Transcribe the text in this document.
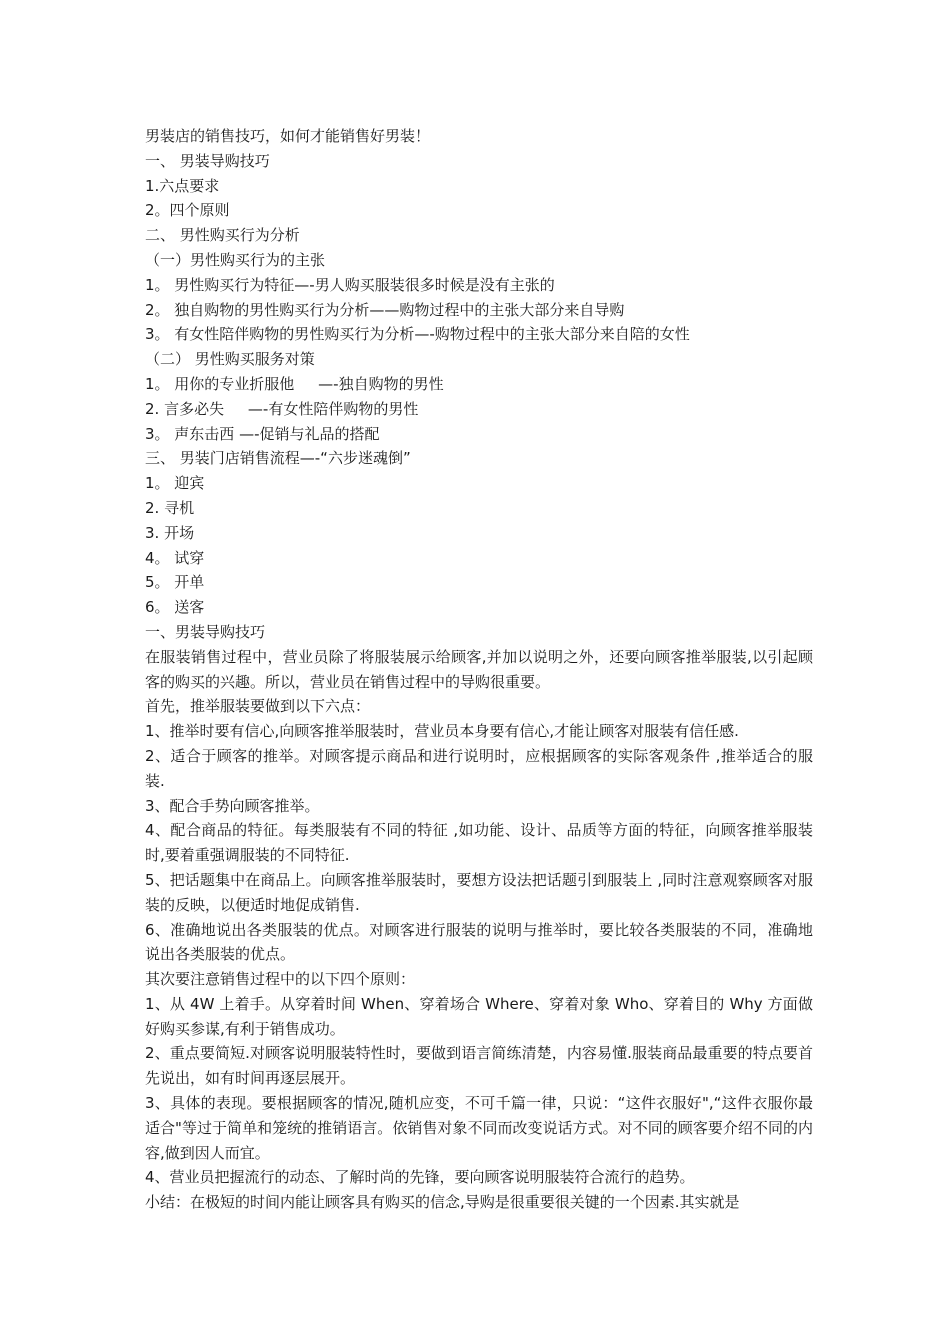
男装店的销售技巧，如何才能销售好男装！
一、 男装导购技巧
1.六点要求
2。四个原则
二、 男性购买行为分析
（一）男性购买行为的主张
1。 男性购买行为特征—-男人购买服装很多时候是没有主张的
2。 独自购物的男性购买行为分析——购物过程中的主张大部分来自导购
3。 有女性陪伴购物的男性购买行为分析—-购物过程中的主张大部分来自陪的女性
（二） 男性购买服务对策
1。 用你的专业折服他     —-独自购物的男性
2. 言多必失     —-有女性陪伴购物的男性
3。 声东击西 —-促销与礼品的搭配
三、 男装门店销售流程—-“六步迷魂倒”
1。 迎宾
2. 寻机
3. 开场
4。 试穿
5。 开单
6。 送客
一、男装导购技巧
在服装销售过程中，营业员除了将服装展示给顾客,并加以说明之外，还要向顾客推举服装,以引起顾客的购买的兴趣。所以，营业员在销售过程中的导购很重要。
首先，推举服装要做到以下六点：
1、推举时要有信心,向顾客推举服装时，营业员本身要有信心,才能让顾客对服装有信任感.
2、适合于顾客的推举。对顾客提示商品和进行说明时，应根据顾客的实际客观条件 ,推举适合的服装.
3、配合手势向顾客推举。
4、配合商品的特征。每类服装有不同的特征 ,如功能、设计、品质等方面的特征，向顾客推举服装时,要着重强调服装的不同特征.
5、把话题集中在商品上。向顾客推举服装时，要想方设法把话题引到服装上 ,同时注意观察顾客对服装的反映，以便适时地促成销售.
6、准确地说出各类服装的优点。对顾客进行服装的说明与推举时，要比较各类服装的不同，准确地说出各类服装的优点。
其次要注意销售过程中的以下四个原则：
1、从 4W 上着手。从穿着时间 When、穿着场合 Where、穿着对象 Who、穿着目的 Why 方面做好购买参谋,有利于销售成功。
2、重点要简短.对顾客说明服装特性时，要做到语言简练清楚，内容易懂.服装商品最重要的特点要首先说出，如有时间再逐层展开。
3、具体的表现。要根据顾客的情况,随机应变，不可千篇一律，只说：“这件衣服好",“这件衣服你最适合"等过于简单和笼统的推销语言。依销售对象不同而改变说话方式。对不同的顾客要介绍不同的内容,做到因人而宜。
4、营业员把握流行的动态、了解时尚的先锋，要向顾客说明服装符合流行的趋势。
小结：在极短的时间内能让顾客具有购买的信念,导购是很重要很关键的一个因素.其实就是
